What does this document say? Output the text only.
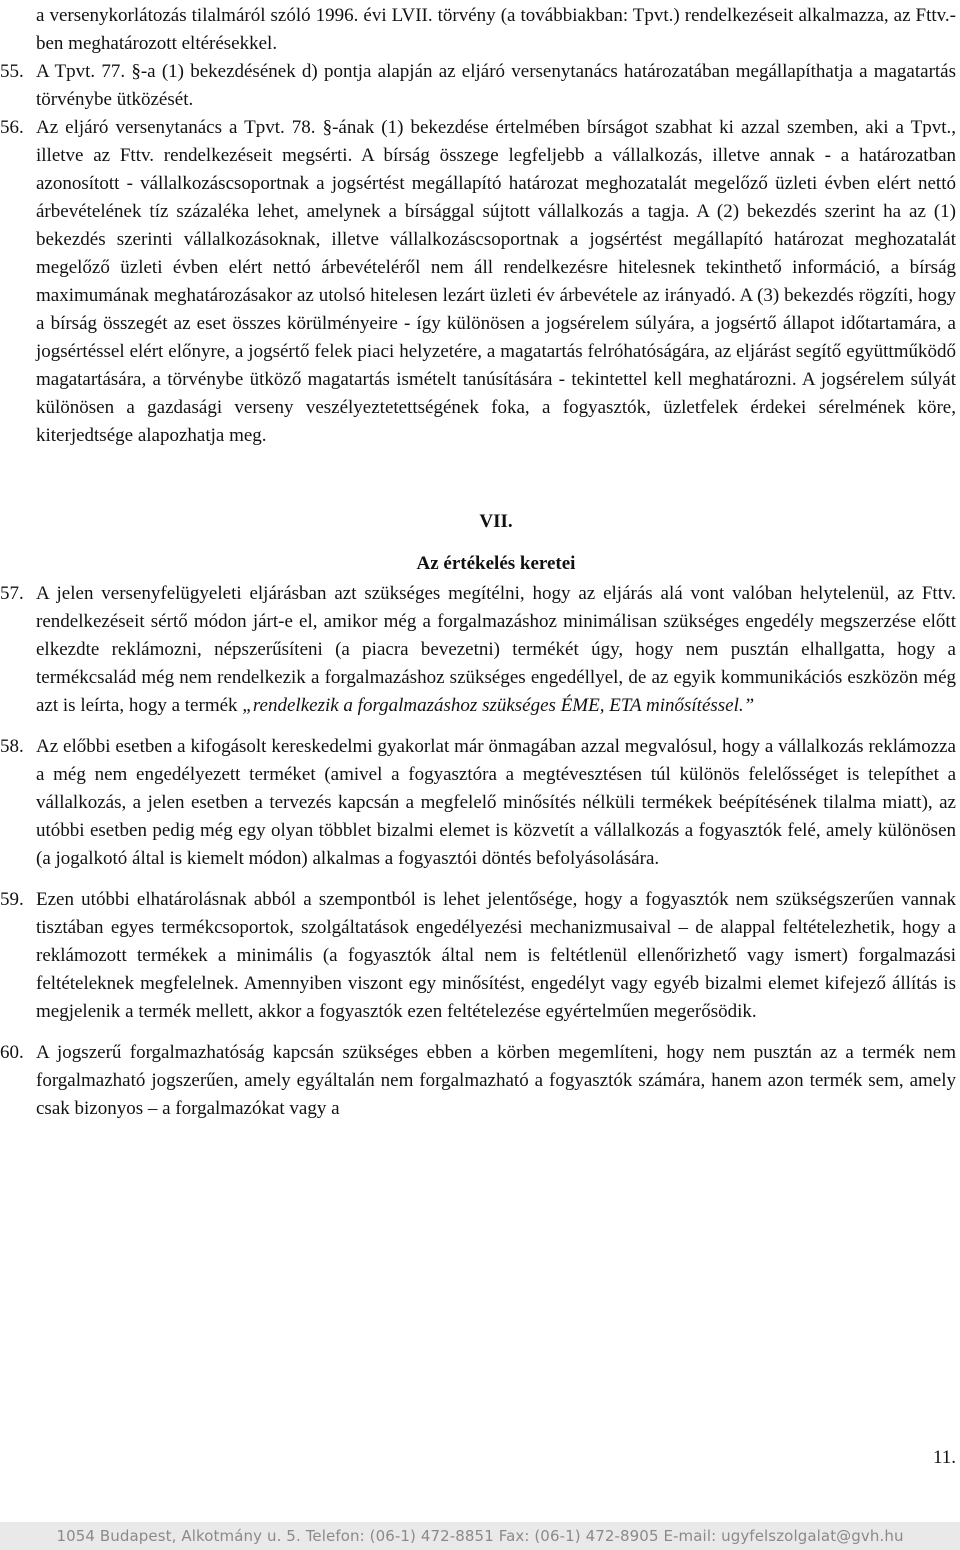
a versenykorlátozás tilalmáról szóló 1996. évi LVII. törvény (a továbbiakban: Tpvt.) rendelkezéseit alkalmazza, az Fttv.-ben meghatározott eltérésekkel.

55. A Tpvt. 77. §-a (1) bekezdésének d) pontja alapján az eljáró versenytanács határozatában megállapíthatja a magatartás törvénybe ütközését.

56. Az eljáró versenytanács a Tpvt. 78. §-ának (1) bekezdése értelmében bírságot szabhat ki azzal szemben, aki a Tpvt., illetve az Fttv. rendelkezéseit megsérti. A bírság összege legfeljebb a vállalkozás, illetve annak - a határozatban azonosított - vállalkozáscsoportnak a jogsértést megállapító határozat meghozatalát megelőző üzleti évben elért nettó árbevételének tíz százaléka lehet, amelynek a bírsággal sújtott vállalkozás a tagja. A (2) bekezdés szerint ha az (1) bekezdés szerinti vállalkozásoknak, illetve vállalkozáscsoportnak a jogsértést megállapító határozat meghozatalát megelőző üzleti évben elért nettó árbevételéről nem áll rendelkezésre hitelesnek tekinthető információ, a bírság maximumának meghatározásakor az utolsó hitelesen lezárt üzleti év árbevétele az irányadó. A (3) bekezdés rögzíti, hogy a bírság összegét az eset összes körülményeire - így különösen a jogsérelem súlyára, a jogsértő állapot időtartamára, a jogsértéssel elért előnyre, a jogsértő felek piaci helyzetére, a magatartás felróhatóságára, az eljárást segítő együttműködő magatartására, a törvénybe ütköző magatartás ismételt tanúsítására - tekintettel kell meghatározni. A jogsérelem súlyát különösen a gazdasági verseny veszélyeztetettségének foka, a fogyasztók, üzletfelek érdekei sérelmének köre, kiterjedtsége alapozhatja meg.

VII.

Az értékelés keretei

57. A jelen versenyfelügyeleti eljárásban azt szükséges megítélni, hogy az eljárás alá vont valóban helytelenül, az Fttv. rendelkezéseit sértő módon járt-e el, amikor még a forgalmazáshoz minimálisan szükséges engedély megszerzése előtt elkezdte reklámozni, népszerűsíteni (a piacra bevezetni) termékét úgy, hogy nem pusztán elhallgatta, hogy a termékcsalád még nem rendelkezik a forgalmazáshoz szükséges engedéllyel, de az egyik kommunikációs eszközön még azt is leírta, hogy a termék „rendelkezik a forgalmazáshoz szükséges ÉME, ETA minősítéssel.”

58. Az előbbi esetben a kifogásolt kereskedelmi gyakorlat már önmagában azzal megvalósul, hogy a vállalkozás reklámozza a még nem engedélyezett terméket (amivel a fogyasztóra a megtévesztésen túl különös felelősséget is telepíthet a vállalkozás, a jelen esetben a tervezés kapcsán a megfelelő minősítés nélküli termékek beépítésének tilalma miatt), az utóbbi esetben pedig még egy olyan többlet bizalmi elemet is közvetít a vállalkozás a fogyasztók felé, amely különösen (a jogalkotó által is kiemelt módon) alkalmas a fogyasztói döntés befolyásolására.

59. Ezen utóbbi elhatárolásnak abból a szempontból is lehet jelentősége, hogy a fogyasztók nem szükségszerűen vannak tisztában egyes termékcsoportok, szolgáltatások engedélyezési mechanizmusaival – de alappal feltételezhetik, hogy a reklámozott termékek a minimális (a fogyasztók által nem is feltétlenül ellenőrizhető vagy ismert) forgalmazási feltételeknek megfelelnek. Amennyiben viszont egy minősítést, engedélyt vagy egyéb bizalmi elemet kifejező állítás is megjelenik a termék mellett, akkor a fogyasztók ezen feltételezése egyértelműen megerősödik.

60. A jogszerű forgalmazhatóság kapcsán szükséges ebben a körben megemlíteni, hogy nem pusztán az a termék nem forgalmazható jogszerűen, amely egyáltalán nem forgalmazható a fogyasztók számára, hanem azon termék sem, amely csak bizonyos – a forgalmazókat vagy a

11.
1054 Budapest, Alkotmány u. 5. Telefon: (06-1) 472-8851 Fax: (06-1) 472-8905 E-mail: ugyfelszolgalat@gvh.hu
